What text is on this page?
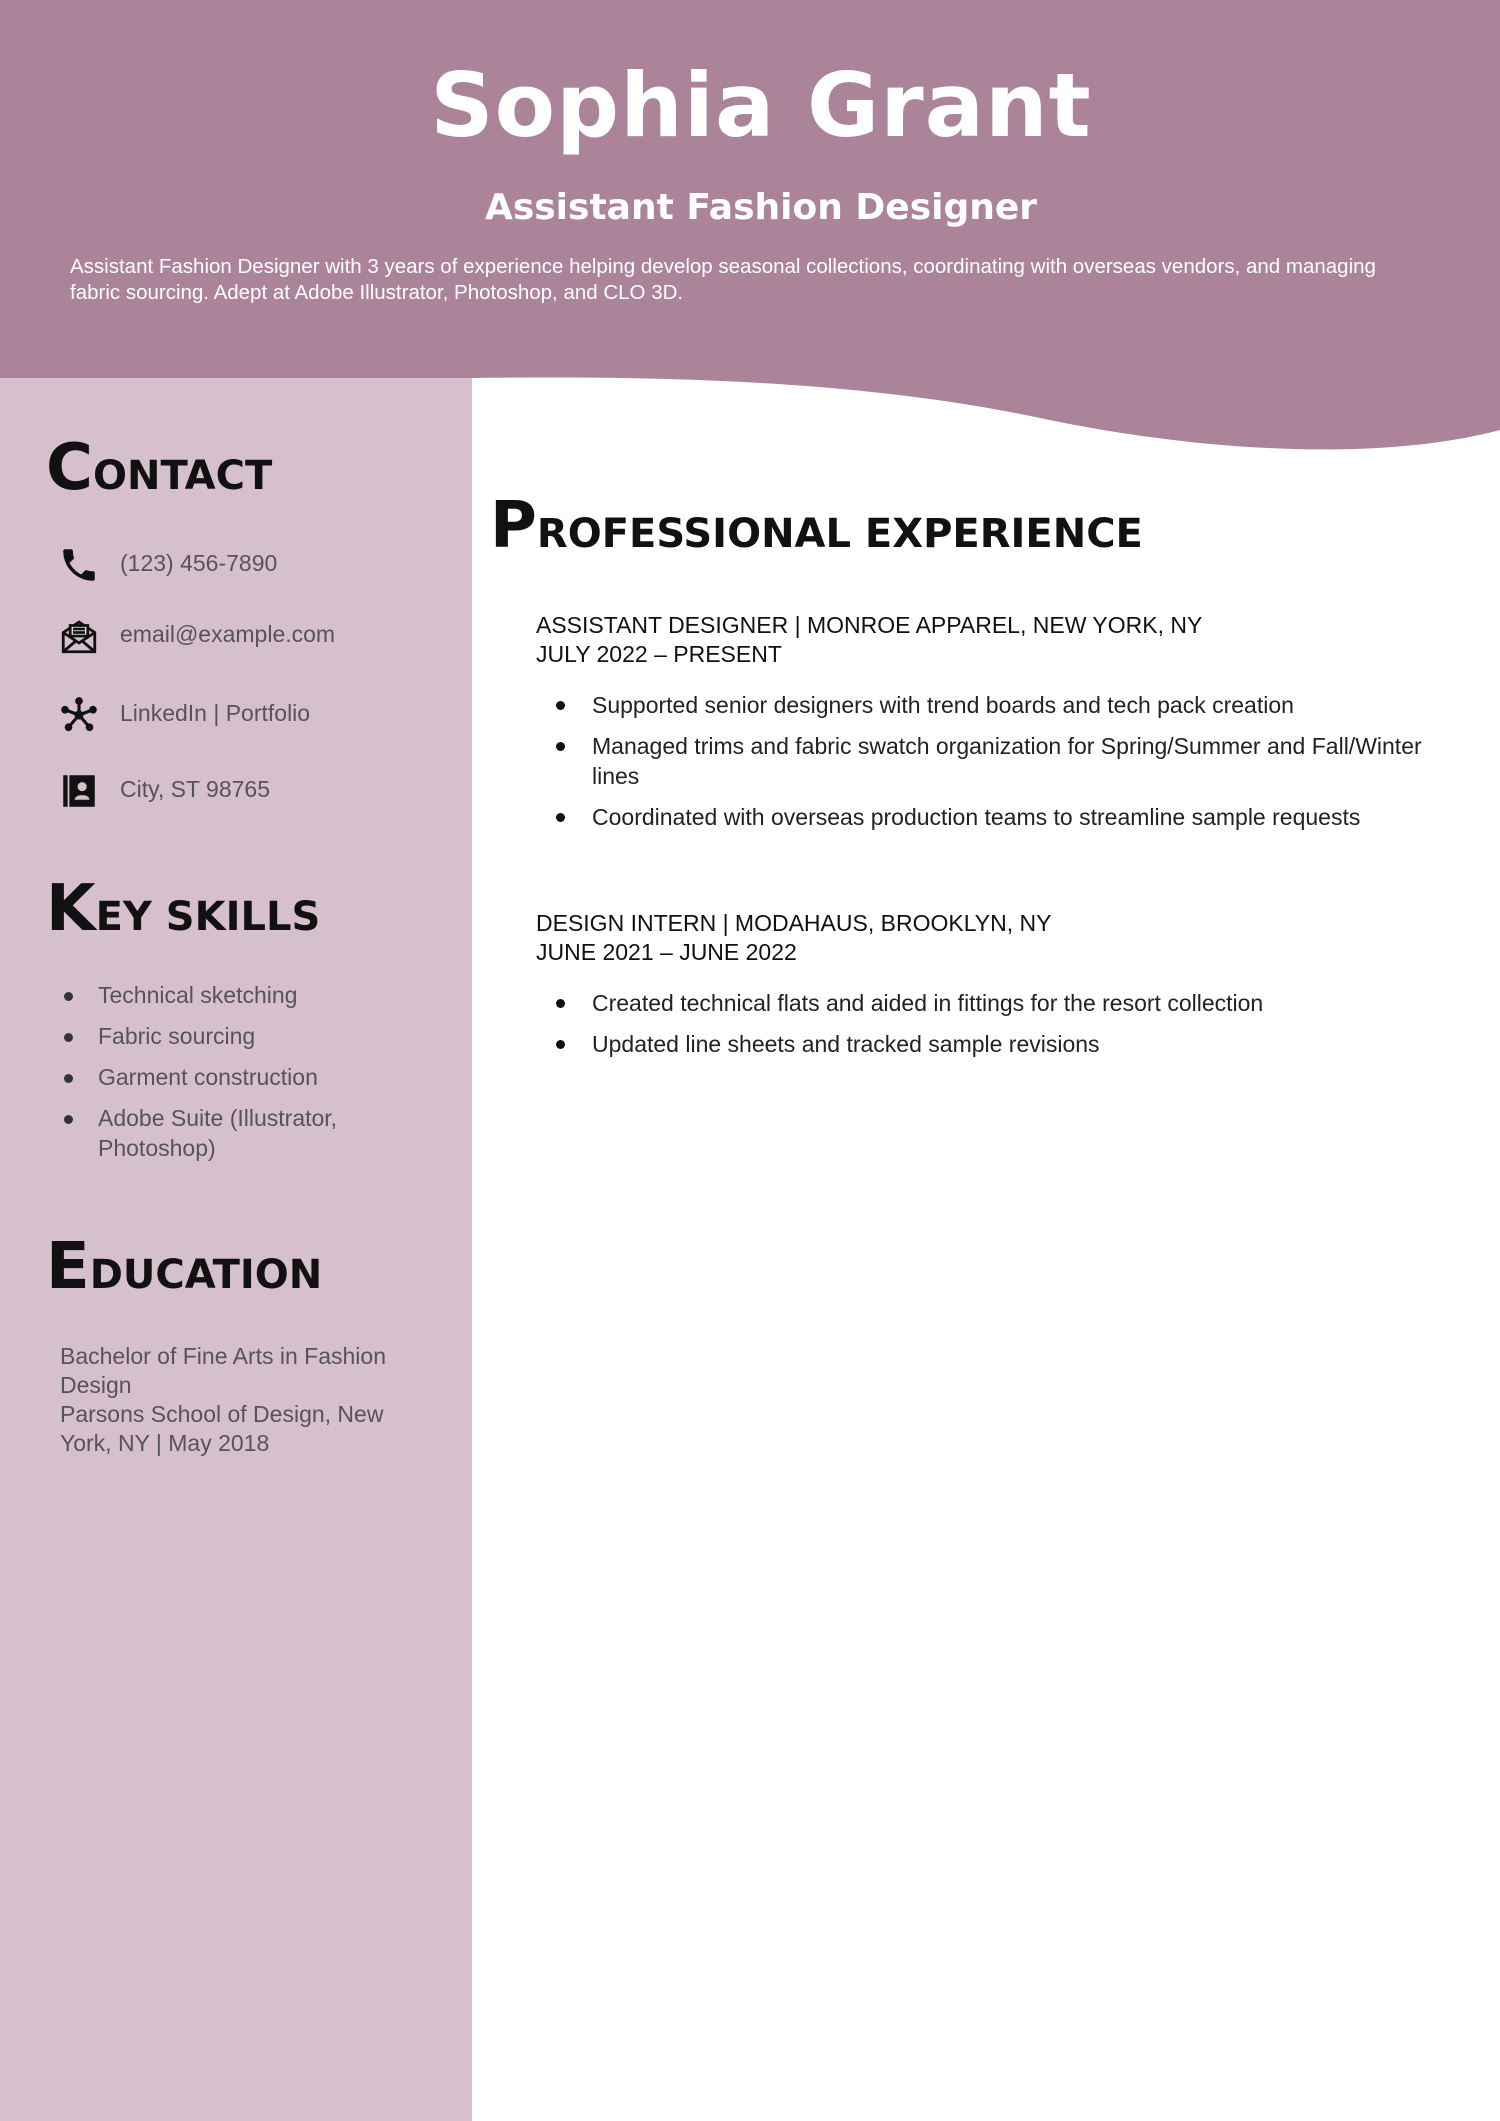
Sophia Grant
Assistant Fashion Designer
Assistant Fashion Designer with 3 years of experience helping develop seasonal collections, coordinating with overseas vendors, and managing fabric sourcing. Adept at Adobe Illustrator, Photoshop, and CLO 3D.
CONTACT
(123) 456-7890
email@example.com
LinkedIn | Portfolio
City, ST 98765
KEY SKILLS
Technical sketching
Fabric sourcing
Garment construction
Adobe Suite (Illustrator, Photoshop)
EDUCATION
Bachelor of Fine Arts in Fashion Design
Parsons School of Design, New York, NY | May 2018
PROFESSIONAL EXPERIENCE
ASSISTANT DESIGNER | MONROE APPAREL, NEW YORK, NY
JULY 2022 – PRESENT
Supported senior designers with trend boards and tech pack creation
Managed trims and fabric swatch organization for Spring/Summer and Fall/Winter lines
Coordinated with overseas production teams to streamline sample requests
DESIGN INTERN | MODAHAUS, BROOKLYN, NY
JUNE 2021 – JUNE 2022
Created technical flats and aided in fittings for the resort collection
Updated line sheets and tracked sample revisions
